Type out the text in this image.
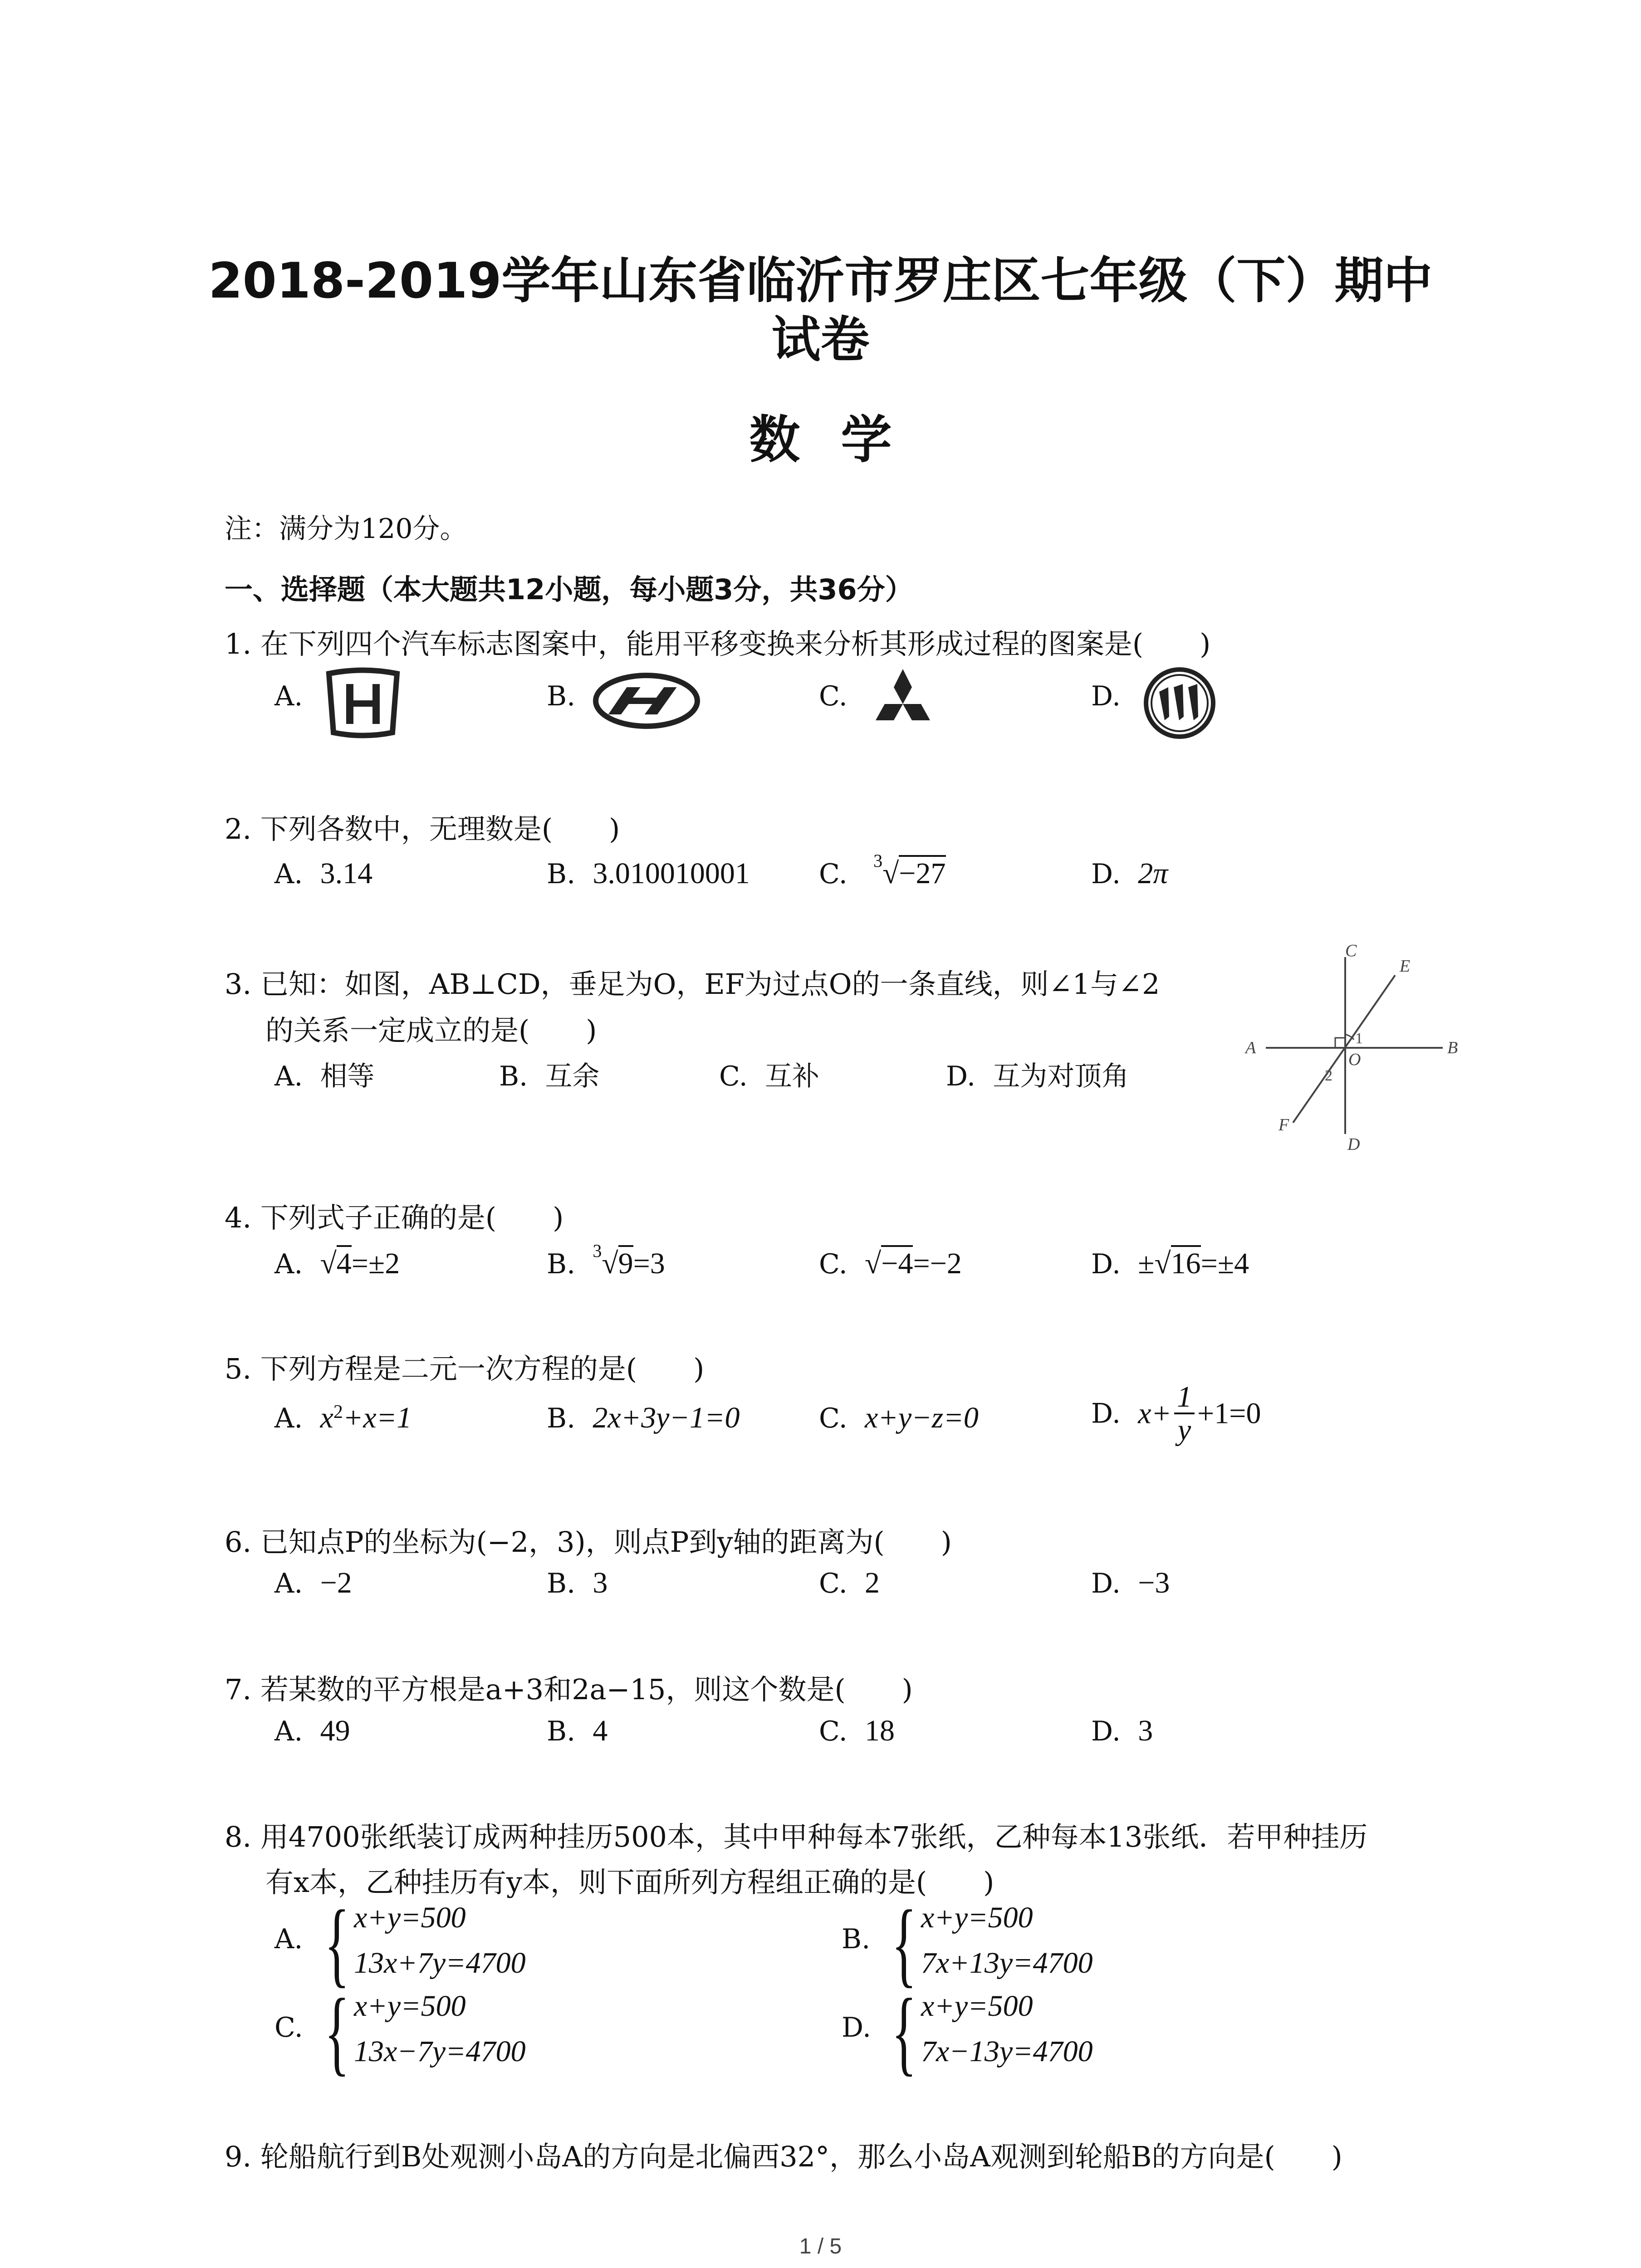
2018-2019学年山东省临沂市罗庄区七年级（下）期中
试卷
数学
注：满分为120分。
一、选择题（本大题共12小题，每小题3分，共36分）
1. 在下列四个汽车标志图案中，能用平移变换来分析其形成过程的图案是(　　)
A.	B.	C.	D.
2. 下列各数中，无理数是(　　)
A. 3.14	B. 3.010010001	C. $^3$√−27	D. 2π
3. 已知：如图，AB⊥CD，垂足为O，EF为过点O的一条直线，则∠1与∠2
的关系一定成立的是(　　)
A. 相等	B. 互余	C. 互补	D. 互为对顶角
A	B
C
D
E
F
O
1
2
4. 下列式子正确的是(　　)
A. √4=±2	B. $^3$√9=3	C. √−4=−2	D. ±√16=±4
5. 下列方程是二元一次方程的是(　　)
A. $x^2+x=1$	B. 2x+3y−1=0	C. x+y−z=0	D. $x+ \frac{1}{y} +1=0$
6. 已知点P的坐标为(−2，3)，则点P到y轴的距离为(　　)
A. −2	B. 3	C. 2	D. −3
7. 若某数的平方根是a+3和2a−15，则这个数是(　　)
A. 49	B. 4	C. 18	D. 3
8. 用4700张纸装订成两种挂历500本，其中甲种每本7张纸，乙种每本13张纸．若甲种挂历
有x本，乙种挂历有y本，则下面所列方程组正确的是(　　)
A. { x+y=500
13x+7y=4700
B. { x+y=500
7x+13y=4700
C. { x+y=500
13x−7y=4700
D. { x+y=500
7x−13y=4700
9. 轮船航行到B处观测小岛A的方向是北偏西32°，那么小岛A观测到轮船B的方向是(　　)
1 / 5
